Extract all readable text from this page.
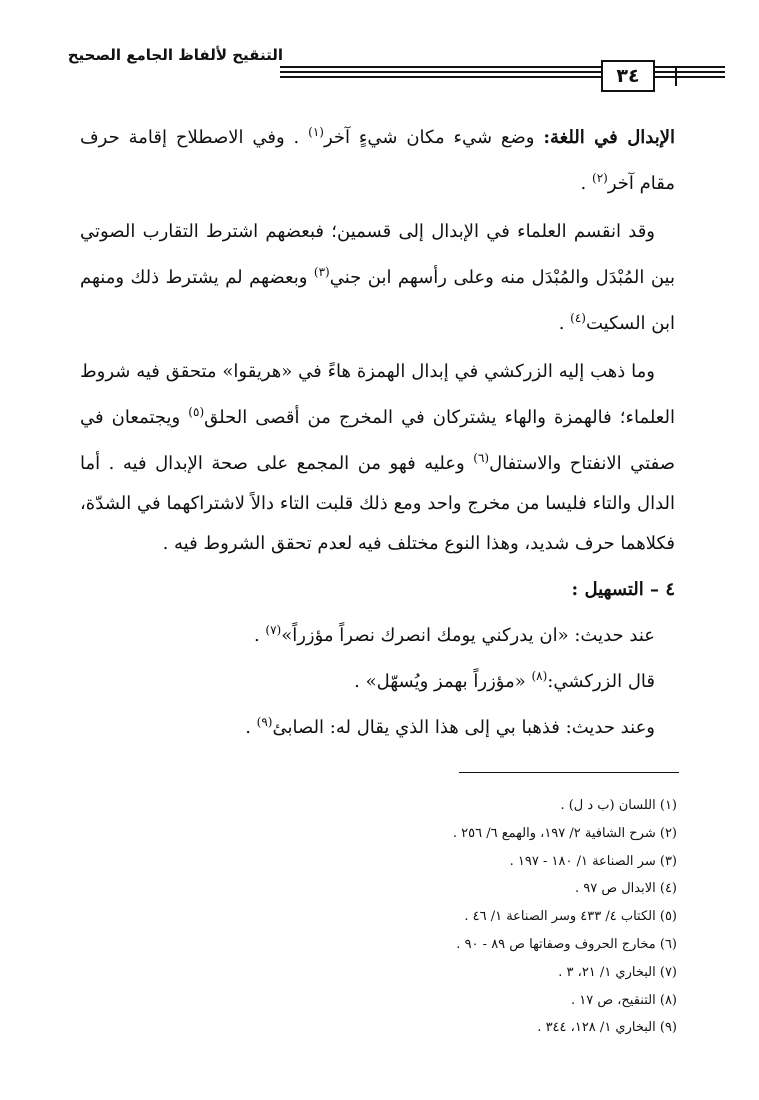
التنقيح لألفاظ الجامع الصحيح
٣٤

الإبدال في اللغة: وضع شيء مكان شيءٍ آخر$^{(١)}$ . وفي الاصطلاح إقامة حرف مقام آخر$^{(٢)}$ .

وقد انقسم العلماء في الإبدال إلى قسمين؛ فبعضهم اشترط التقارب الصوتي بين المُبْدَل والمُبْدَل منه وعلى رأسهم ابن جني$^{(٣)}$ وبعضهم لم يشترط ذلك ومنهم ابن السكيت$^{(٤)}$ .

وما ذهب إليه الزركشي في إبدال الهمزة هاءً في «هريقوا» متحقق فيه شروط العلماء؛ فالهمزة والهاء يشتركان في المخرج من أقصى الحلق$^{(٥)}$ ويجتمعان في صفتي الانفتاح والاستفال$^{(٦)}$ وعليه فهو من المجمع على صحة الإبدال فيه . أما الدال والتاء فليسا من مخرج واحد ومع ذلك قلبت التاء دالاً لاشتراكهما في الشدّة، فكلاهما حرف شديد، وهذا النوع مختلف فيه لعدم تحقق الشروط فيه .

٤ – التسهيل :

عند حديث: «ان يدركني يومك انصرك نصراً مؤزراً»$^{(٧)}$ .

قال الزركشي:$^{(٨)}$ «مؤزراً بهمز ويُسهّل» .

وعند حديث: فذهبا بي إلى هذا الذي يقال له: الصابئ$^{(٩)}$ .

(١) اللسان (ب د ل) .
(٢) شرح الشافية ٢/ ١٩٧، والهمع ٦/ ٢٥٦ .
(٣) سر الصناعة ١/ ١٨٠ - ١٩٧ .
(٤) الابدال ص ٩٧ .
(٥) الكتاب ٤/ ٤٣٣ وسر الصناعة ١/ ٤٦ .
(٦) مخارج الحروف وصفاتها ص ٨٩ - ٩٠ .
(٧) البخاري ١/ ٢١، ٣ .
(٨) التنقيح، ص ١٧ .
(٩) البخاري ١/ ١٢٨، ٣٤٤ .
